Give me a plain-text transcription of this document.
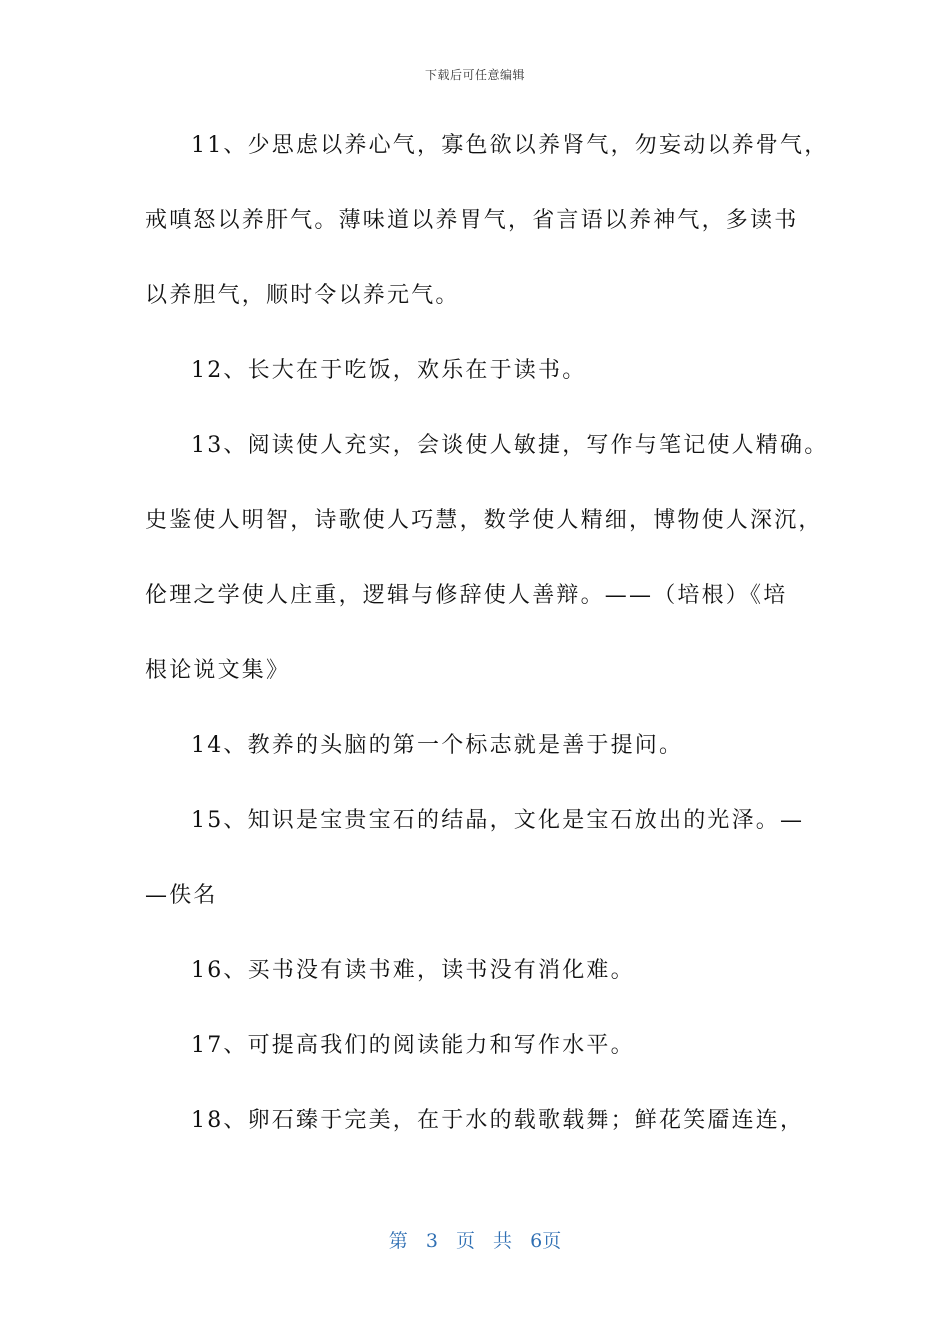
下载后可任意编辑
11、少思虑以养心气，寡色欲以养肾气，勿妄动以养骨气，
戒嗔怒以养肝气。薄味道以养胃气，省言语以养神气，多读书
以养胆气，顺时令以养元气。
12、长大在于吃饭，欢乐在于读书。
13、阅读使人充实，会谈使人敏捷，写作与笔记使人精确。
史鉴使人明智，诗歌使人巧慧，数学使人精细，博物使人深沉，
伦理之学使人庄重，逻辑与修辞使人善辩。——（培根）《培
根论说文集》
14、教养的头脑的第一个标志就是善于提问。
15、知识是宝贵宝石的结晶，文化是宝石放出的光泽。—
—佚名
16、买书没有读书难，读书没有消化难。
17、可提高我们的阅读能力和写作水平。
18、卵石臻于完美，在于水的载歌载舞；鲜花笑靥连连，
第 3 页 共 6页
